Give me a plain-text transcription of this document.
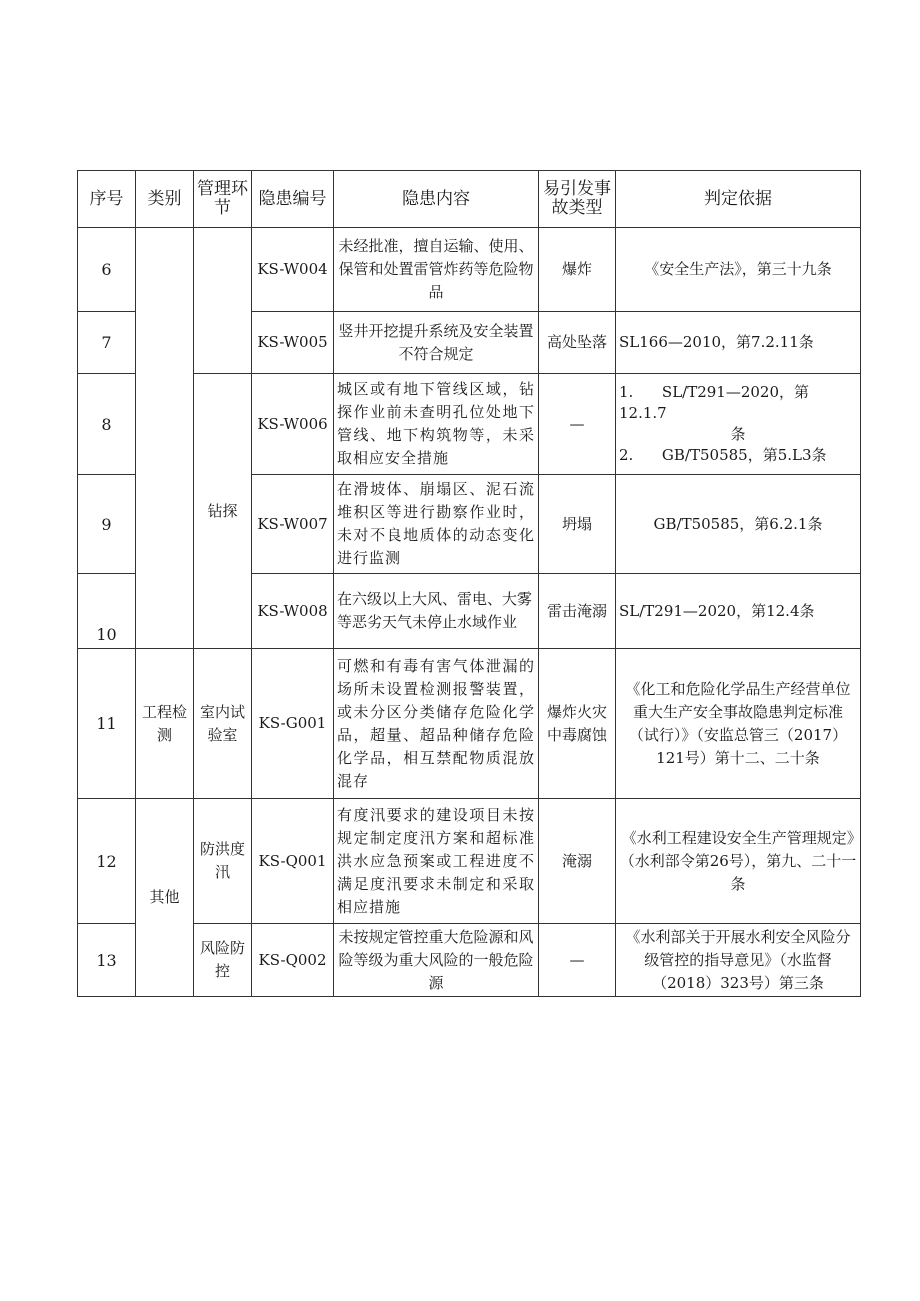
序号	类别	管理环节	隐患编号	隐患内容	易引发事故类型	判定依据
6			KS-W004	未经批准，擅自运输、使用、保管和处置雷管炸药等危险物品	爆炸	《安全生产法》，第三十九条
7			KS-W005	竖井开挖提升系统及安全装置不符合规定	高处坠落	SL166—2010，第7.2.11条
8		钻探	KS-W006	城区或有地下管线区域，钻探作业前未查明孔位处地下管线、地下构筑物等，未采取相应安全措施	—	1.      SL/T291—2020，第
12.1.7
条
2.      GB/T50585，第5.L3条

9			KS-W007	在滑坡体、崩塌区、泥石流堆积区等进行勘察作业时，未对不良地质体的动态变化进行监测	坍塌	GB/T50585，第6.2.1条
10			KS-W008	在六级以上大风、雷电、大雾等恶劣天气未停止水域作业	雷击淹溺	SL/T291—2020，第12.4条
11	工程检测	室内试验室	KS-G001	可燃和有毒有害气体泄漏的场所未设置检测报警装置，或未分区分类储存危险化学品，超量、超品种储存危险化学品，相互禁配物质混放混存	爆炸火灾中毒腐蚀	《化工和危险化学品生产经营单位重大生产安全事故隐患判定标准（试行）》（安监总管三（2017）121号）第十二、二十条
12	其他	防洪度汛	KS-Q001	有度汛要求的建设项目未按规定制定度汛方案和超标准洪水应急预案或工程进度不满足度汛要求未制定和采取相应措施	淹溺	《水利工程建设安全生产管理规定》（水利部令第26号），第九、二十一条
13		风险防控	KS-Q002	未按规定管控重大危险源和风险等级为重大风险的一般危险源	—	《水利部关于开展水利安全风险分级管控的指导意见》（水监督（2018）323号）第三条
